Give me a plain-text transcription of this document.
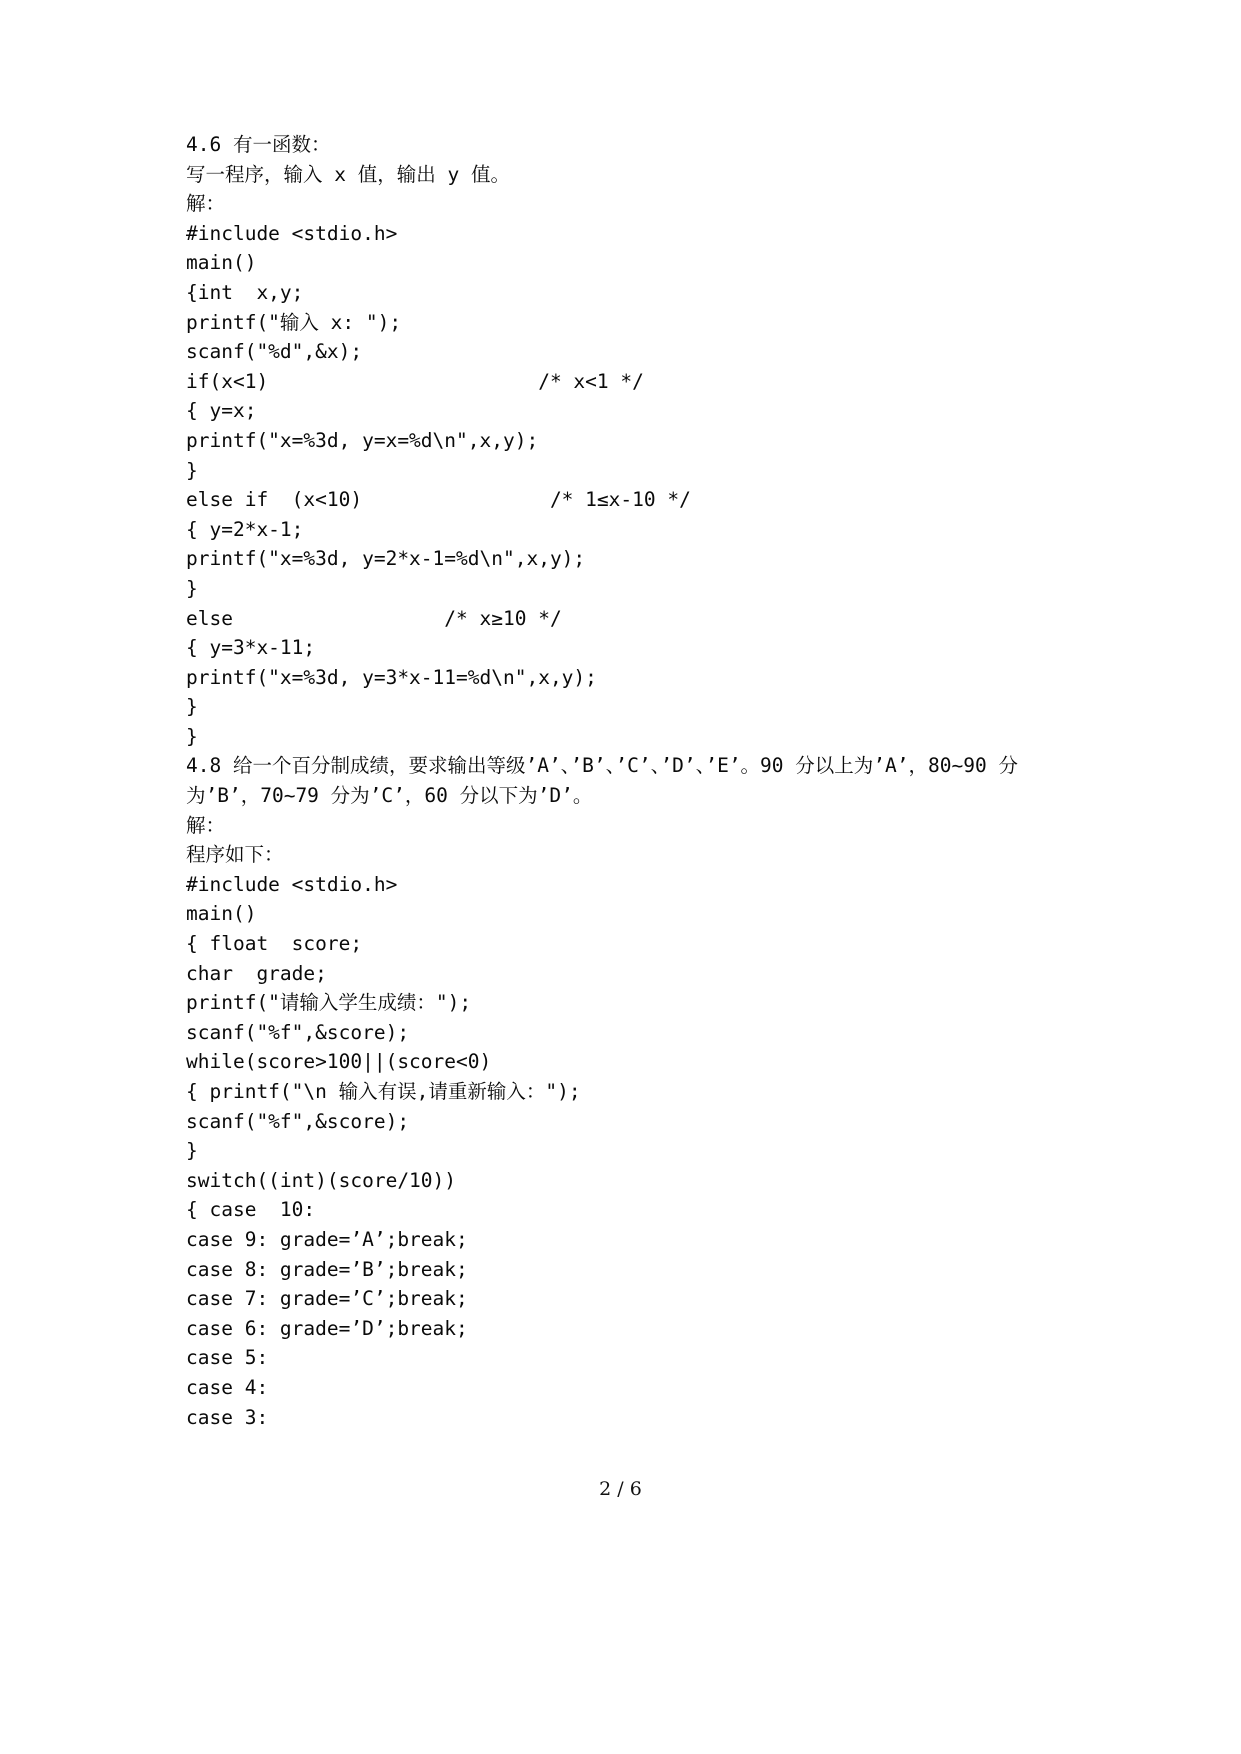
4.6 有一函数：
写一程序，输入 x 值，输出 y 值。
解：
#include <stdio.h>
main()
{int  x,y;
printf("输入 x: ");
scanf("%d",&x);
if(x<1)                       /* x<1 */
{ y=x;
printf("x=%3d, y=x=%d\n",x,y);
}
else if  (x<10)                /* 1≤x-10 */
{ y=2*x-1;
printf("x=%3d, y=2*x-1=%d\n",x,y);
}
else                  /* x≥10 */
{ y=3*x-11;
printf("x=%3d, y=3*x-11=%d\n",x,y);
}
}
4.8 给一个百分制成绩，要求输出等级’A’、’B’、’C’、’D’、’E’。90 分以上为’A’，80~90 分为’B’，70~79 分为’C’，60 分以下为’D’。
解：
程序如下：
#include <stdio.h>
main()
{ float  score;
char  grade;
printf("请输入学生成绩：");
scanf("%f",&score);
while(score>100||(score<0)
{ printf("\n 输入有误,请重新输入：");
scanf("%f",&score);
}
switch((int)(score/10))
{ case  10:
case 9: grade=’A’;break;
case 8: grade=’B’;break;
case 7: grade=’C’;break;
case 6: grade=’D’;break;
case 5:
case 4:
case 3:
2 / 6
